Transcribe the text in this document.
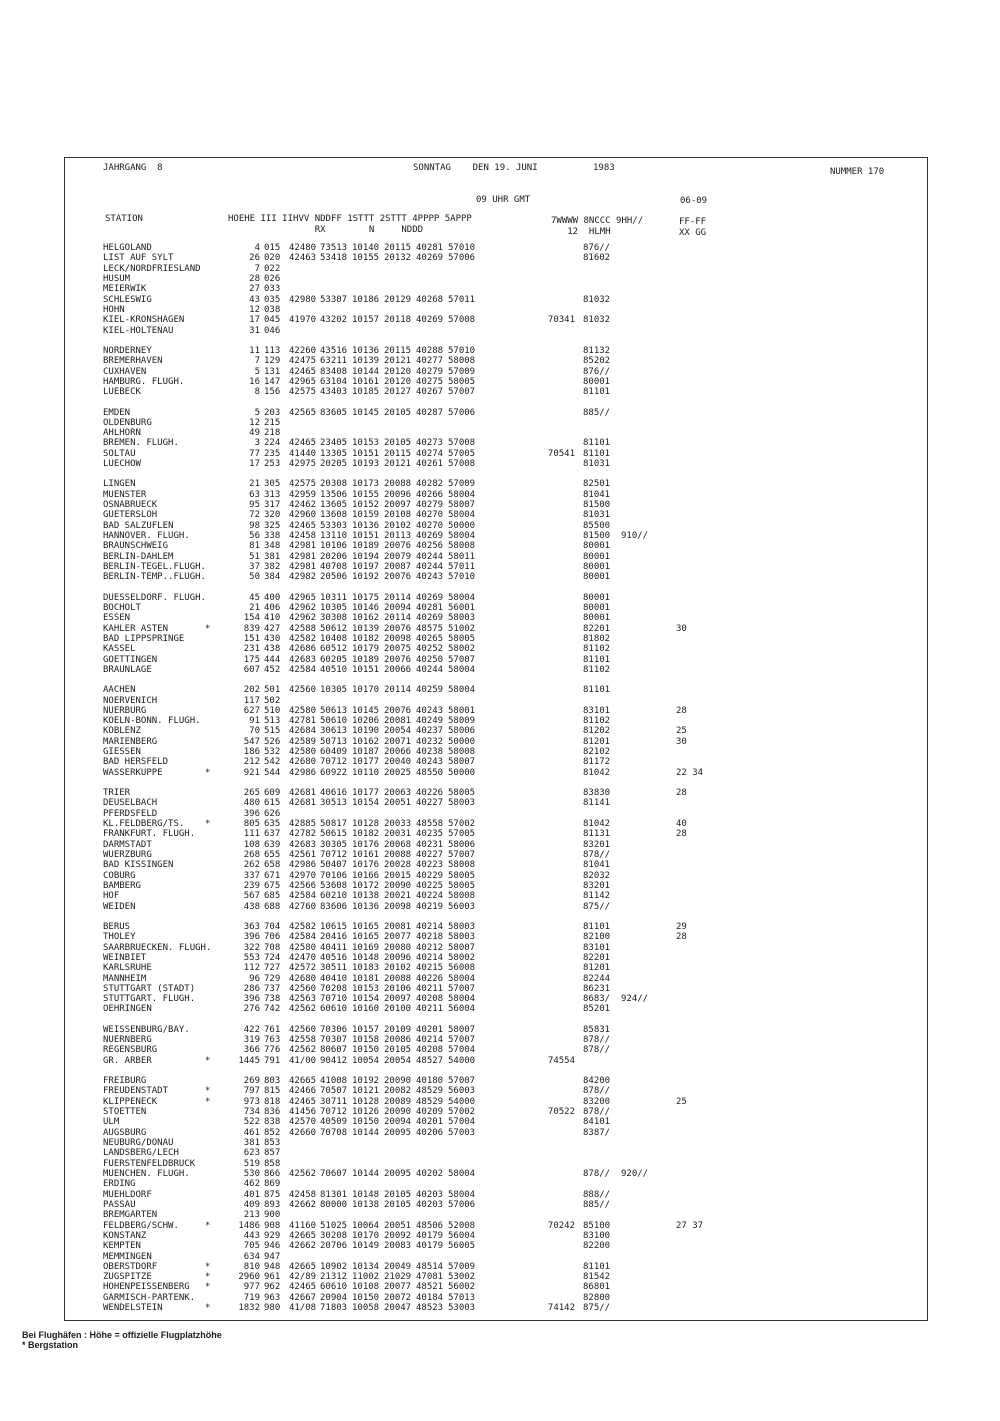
JAHRGANG  8	SONNTAG    DEN 19. JUNI	1983	NUMMER 170
09 UHR GMT	06-09
STATION	HOEHE III IIHVV NDDFF 1STTT 2STTT 4PPPP 5APPP
RX        N     NDDD
7WWWW 8NCCC 9HH//
12  HLMH
FF-FF
XX GG
HELGOLAND	4 015 42480 73513 10140 20115 40281 57010	876//
LIST AUF SYLT	26 020 42463 53418 10155 20132 40269 57006	81602
LECK/NORDFRIESLAND	7 022
HUSUM	28 026
MEIERWIK	27 033
SCHLESWIG	43 035 42980 53307 10186 20129 40268 57011	81032
HOHN	12 038
KIEL-KRONSHAGEN	17 045 41970 43202 10157 20118 40269 57008	70341 81032
KIEL-HOLTENAU	31 046
NORDERNEY	11 113 42260 43516 10136 20115 40288 57010	81132
BREMERHAVEN	7 129 42475 63211 10139 20121 40277 58008	85202
CUXHAVEN	5 131 42465 83408 10144 20120 40279 57009	876//
HAMBURG. FLUGH.	16 147 42965 63104 10161 20120 40275 58005	80001
LUEBECK	8 156 42575 43403 10185 20127 40267 57007	81101
EMDEN	5 203 42565 83605 10145 20105 40287 57006	885//
OLDENBURG	12 215
AHLHORN	49 218
BREMEN. FLUGH.	3 224 42465 23405 10153 20105 40273 57008	81101
SOLTAU	77 235 41440 13305 10151 20115 40274 57005	70541 81101
LUECHOW	17 253 42975 20205 10193 20121 40261 57008	81031
LINGEN	21 305 42575 20308 10173 20088 40282 57009	82501
MUENSTER	63 313 42959 13506 10155 20096 40266 58004	81041
OSNABRUECK	95 317 42462 13605 10152 20097 40279 58007	81500
GUETERSLOH	72 320 42960 13608 10159 20108 40270 58004	81031
BAD SALZUFLEN	98 325 42465 53303 10136 20102 40270 50000	85500
HANNOVER. FLUGH.	56 338 42458 13110 10151 20113 40269 58004	81500 910//
BRAUNSCHWEIG	81 348 42981 10106 10189 20076 40256 58008	80001
BERLIN-DAHLEM	51 381 42981 20206 10194 20079 40244 58011	80001
BERLIN-TEGEL.FLUGH.	37 382 42981 40708 10197 20087 40244 57011	80001
BERLIN-TEMP..FLUGH.	50 384 42982 20506 10192 20076 40243 57010	80001
DUESSELDORF. FLUGH.	45 400 42965 10311 10175 20114 40269 58004	80001
BOCHOLT	21 406 42962 10305 10146 20094 40281 56001	80001
ESSEN	154 410 42962 30308 10162 20114 40269 58003	80001
KAHLER ASTEN	*	839 427 42588 50612 10139 20076 48575 51002	82201	30
BAD LIPPSPRINGE	151 430 42582 10408 10182 20098 40265 58005	81802
KASSEL	231 438 42686 60512 10179 20075 40252 58002	81102
GOETTINGEN	175 444 42683 60205 10189 20076 40250 57007	81101
BRAUNLAGE	607 452 42584 40510 10151 20066 40244 58004	81102
AACHEN	202 501 42560 10305 10170 20114 40259 58004	81101
NOERVENICH	117 502
NUERBURG	627 510 42580 50613 10145 20076 40243 58001	83101	28
KOELN-BONN. FLUGH.	91 513 42781 50610 10206 20081 40249 58009	81102
KOBLENZ	70 515 42684 30613 10190 20054 40237 58006	81202	25
MARIENBERG	547 526 42589 50713 10162 20071 40232 50000	81201	30
GIESSEN	186 532 42580 60409 10187 20066 40238 58008	82102
BAD HERSFELD	212 542 42680 70712 10177 20040 40243 58007	81172
WASSERKUPPE	*	921 544 42986 60922 10110 20025 48550 50000	81042	22 34
TRIER	265 609 42681 40616 10177 20063 40226 58005	83830	28
DEUSELBACH	480 615 42681 30513 10154 20051 40227 58003	81141
PFERDSFELD	396 626
KL.FELDBERG/TS. *	805 635 42885 50817 10128 20033 48558 57002	81042	40
FRANKFURT. FLUGH.	111 637 42782 50615 10182 20031 40235 57005	81131	28
DARMSTADT	108 639 42683 30305 10176 20068 40231 58006	83201
WUERZBURG	268 655 42561 70712 10161 20088 40227 57007	878//
BAD KISSINGEN	262 658 42986 50407 10176 20028 40223 58008	81041
COBURG	337 671 42970 70106 10166 20015 40229 58005	82032
BAMBERG	239 675 42566 53608 10172 20090 40225 58005	83201
HOF	567 685 42584 60210 10138 20021 40224 58008	81142
WEIDEN	438 688 42760 83606 10136 20098 40219 56003	875//
BERUS	363 704 42582 10615 10165 20081 40214 58003	81101	29
THOLEY	396 706 42584 20416 10165 20077 40218 58003	82100	28
SAARBRUECKEN. FLUGH.	322 708 42580 40411 10169 20080 40212 58007	83101
WEINBIET	553 724 42470 40516 10148 20096 40214 58002	82201
KARLSRUHE	112 727 42572 30511 10183 20102 40215 56008	81201
MANNHEIM	96 729 42680 40410 10181 20088 40226 58004	82244
STUTTGART (STADT)	286 737 42560 70208 10153 20106 40211 57007	86231
STUTTGART. FLUGH.	396 738 42563 70710 10154 20097 40208 58004	8683/ 924//
OEHRINGEN	276 742 42562 60610 10160 20100 40211 56004	85201
WEISSENBURG/BAY.	422 761 42560 70306 10157 20109 40201 58007	85831
NUERNBERG	319 763 42558 70307 10158 20086 40214 57007	878//
REGENSBURG	366 776 42562 80607 10150 20105 40208 57004	878//
GR. ARBER	*	1445 791 41/00 90412 10054 20054 48527 54000	74554
FREIBURG	269 803 42665 41008 10192 20090 40180 57007	84200
FREUDENSTADT	*	797 815 42466 70507 10121 20082 48529 56003	878//
KLIPPENECK	*	973 818 42465 30711 10128 20089 48529 54000	83200	25
STOETTEN	734 836 41456 70712 10126 20090 40209 57002	70522 878//
ULM	522 838 42570 40509 10150 20094 40201 57004	84101
AUGSBURG	461 852 42660 70708 10144 20095 40206 57003	8387/
NEUBURG/DONAU	381 853
LANDSBERG/LECH	623 857
FUERSTENFELDBRUCK	519 858
MUENCHEN. FLUGH.	530 866 42562 70607 10144 20095 40202 58004	878// 920//
ERDING	462 869
MUEHLDORF	401 875 42458 81301 10148 20105 40203 58004	888//
PASSAU	409 893 42662 80000 10138 20105 40203 57006	885//
BREMGARTEN	213 900
FELDBERG/SCHW.	*	1486 908 41160 51025 10064 20051 48506 52008	70242 85100	27 37
KONSTANZ	443 929 42665 30208 10170 20092 40179 56004	83100
KEMPTEN	705 946 42662 20706 10149 20083 40179 56005	82200
MEMMINGEN	634 947
OBERSTDORF	*	810 948 42665 10902 10134 20049 48514 57009	81101
ZUGSPITZE	*	2960 961 42/89 21312 11002 21029 47081 53002	81542
HOHENPEISSENBERG *	977 962 42465 60610 10108 20077 48521 56002	86801
GARMISCH-PARTENK.	719 963 42667 20904 10150 20072 40184 57013	82800
WENDELSTEIN	*	1832 980 41/08 71803 10058 20047 48523 53003	74142 875//
Bei Flughäfen : Höhe = offizielle Flugplatzhöhe
* Bergstation
